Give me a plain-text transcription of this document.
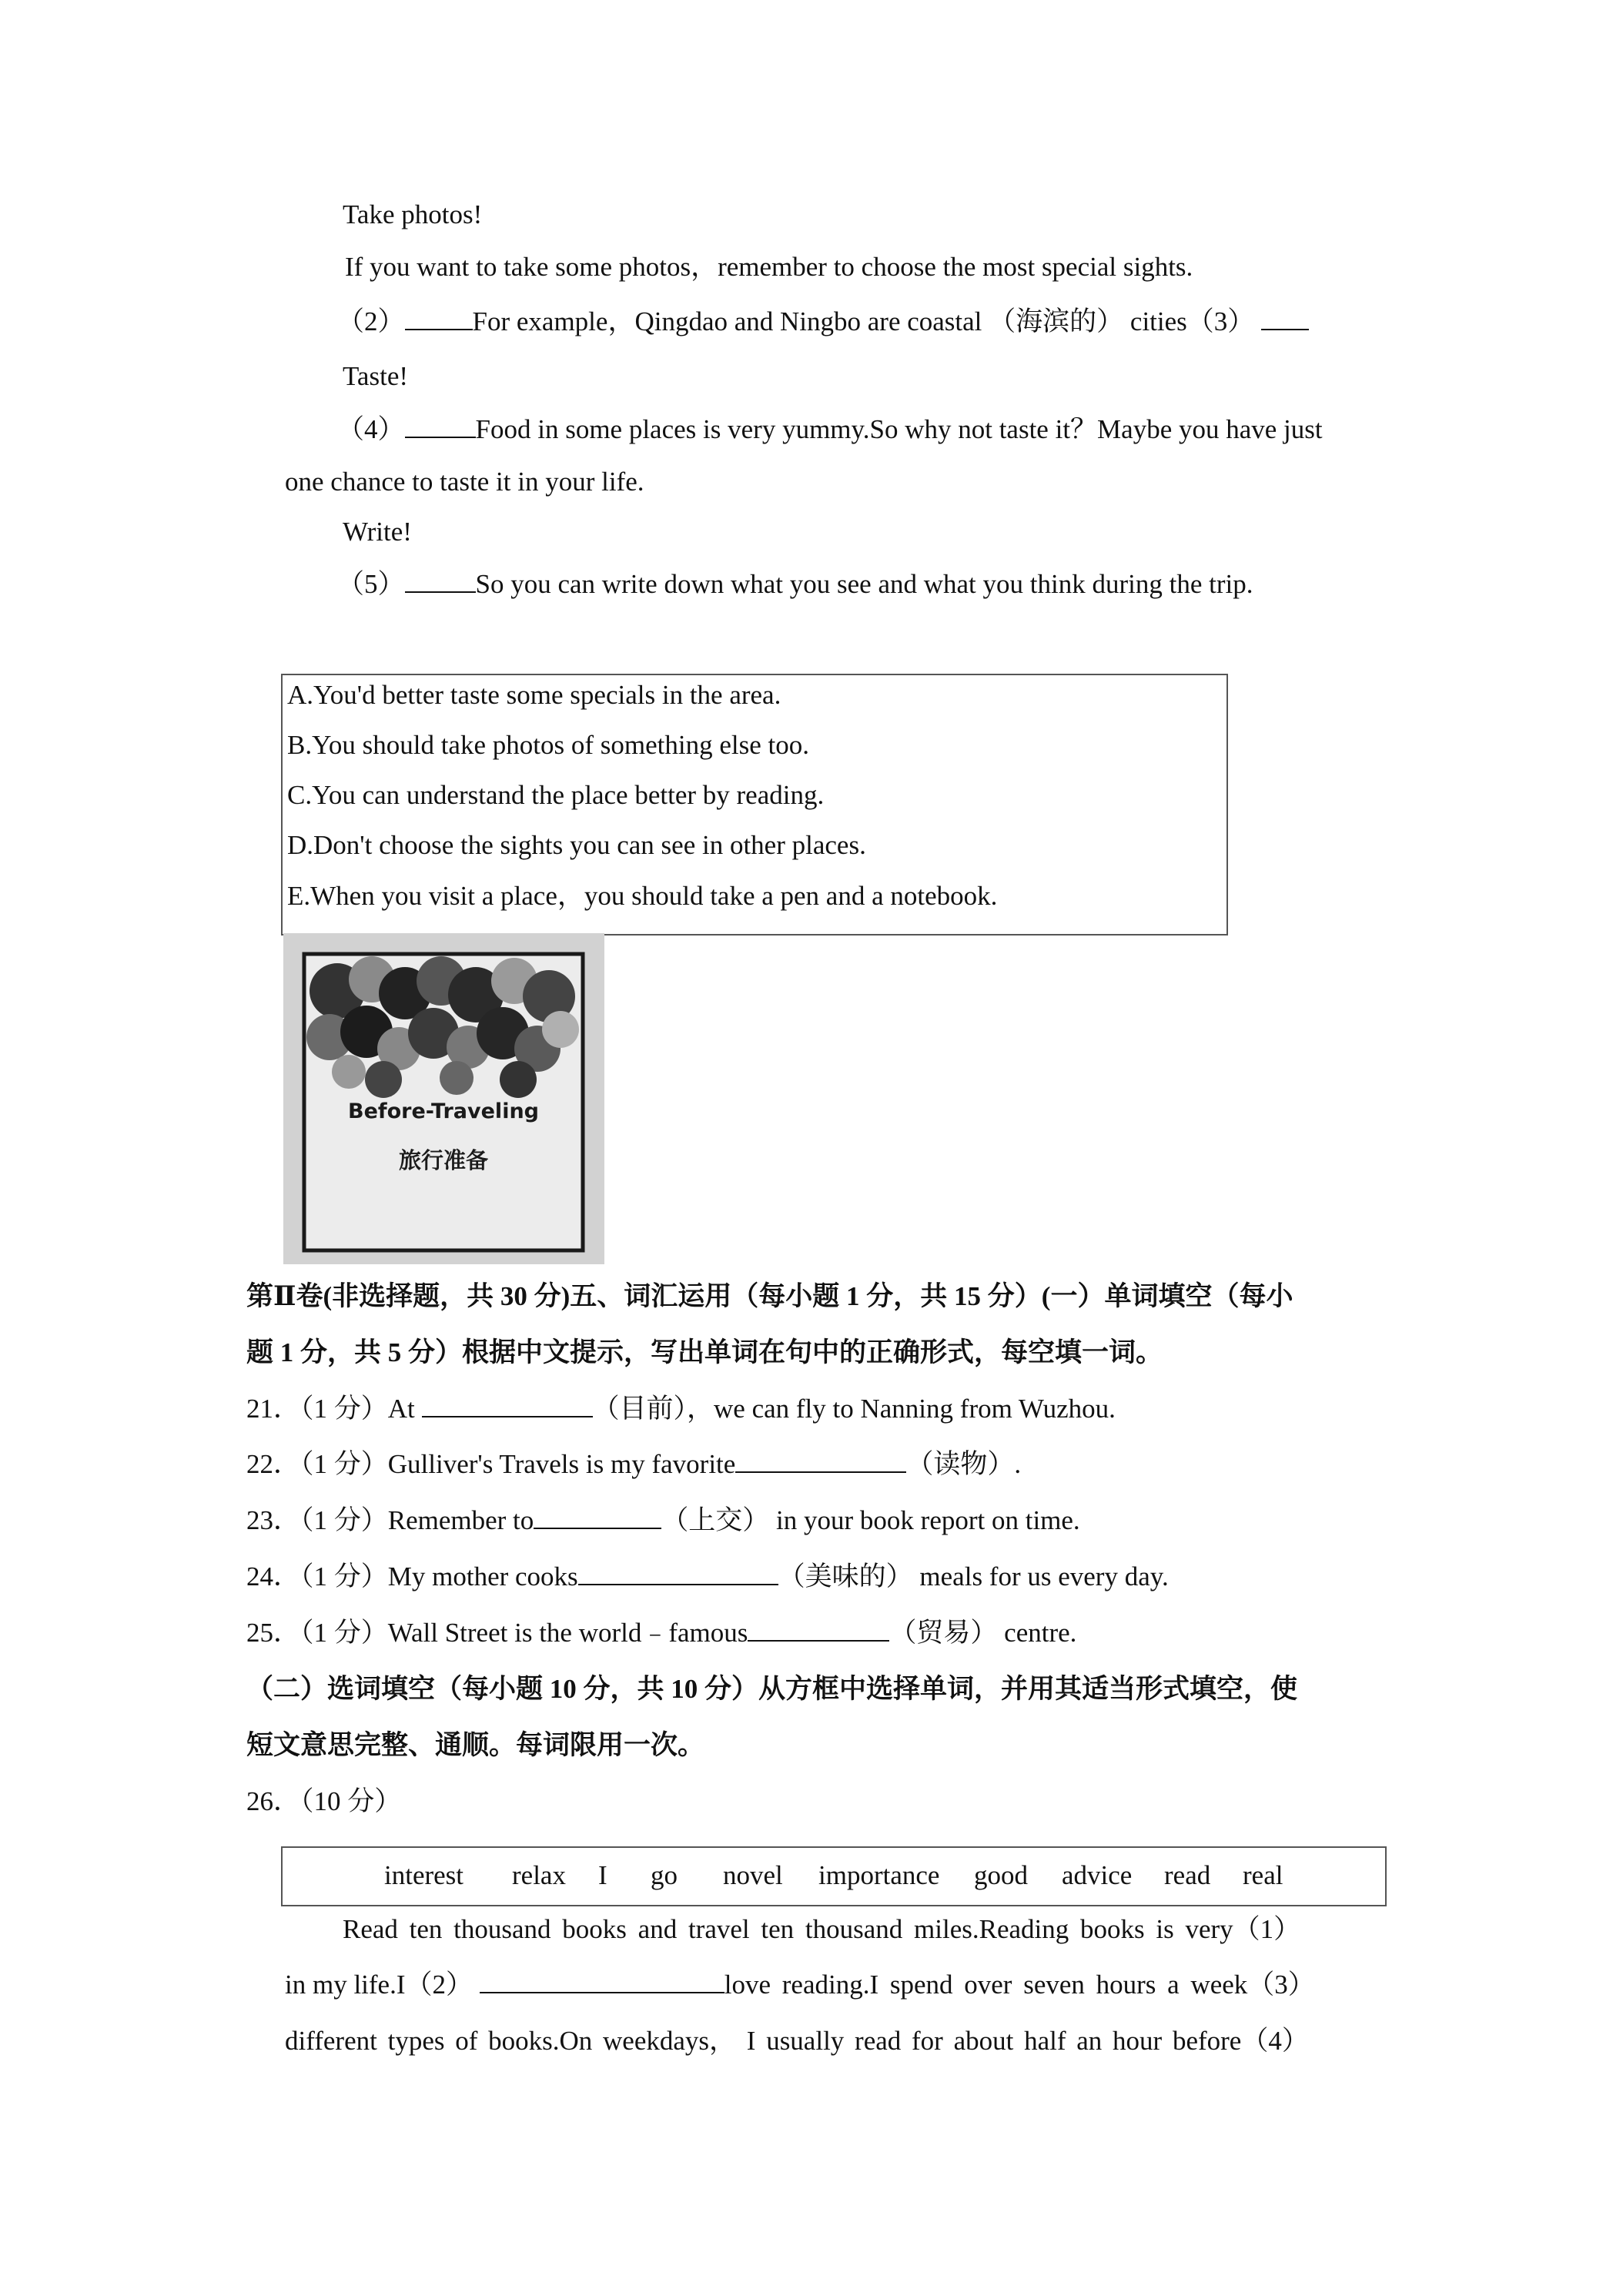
Take photos!
If you want to take some photos，remember to choose the most special sights.
（2）	For example，Qingdao and Ningbo are coastal （海滨的） cities（3）
Taste!
（4）	Food in some places is very yummy.So why not taste it？Maybe you have just
one chance to taste it in your life.
Write!
（5）	So you can write down what you see and what you think during the trip.
A.You'd better taste some specials in the area.
B.You should take photos of something else too.
C.You can understand the place better by reading.
D.Don't choose the sights you can see in other places.
E.When you visit a place，you should take a pen and a notebook.
Before-Traveling
旅行准备
第Ⅱ卷(非选择题，共 30 分)五、词汇运用（每小题 1 分，共 15 分）(一）单词填空（每小
题 1 分，共 5 分）根据中文提示，写出单词在句中的正确形式，每空填一词。
21．（1 分）At	（目前），we can fly to Nanning from Wuzhou.
22．（1 分）Gulliver's Travels is my favorite	（读物）.
23．（1 分）Remember to	（上交） in your book report on time.
24．（1 分）My mother cooks	（美味的） meals for us every day.
25．（1 分）Wall Street is the world﹣famous	（贸易） centre.
（二）选词填空（每小题 10 分，共 10 分）从方框中选择单词，并用其适当形式填空，使
短文意思完整、通顺。每词限用一次。
26．（10 分）
interest relax I go novel importance good advice read real
Read ten thousand books and travel ten thousand miles.Reading books is very（1）
in my life.I（2）	love reading.I spend over seven hours a week（3）
different types of books.On weekdays， I usually read for about half an hour before（4）
